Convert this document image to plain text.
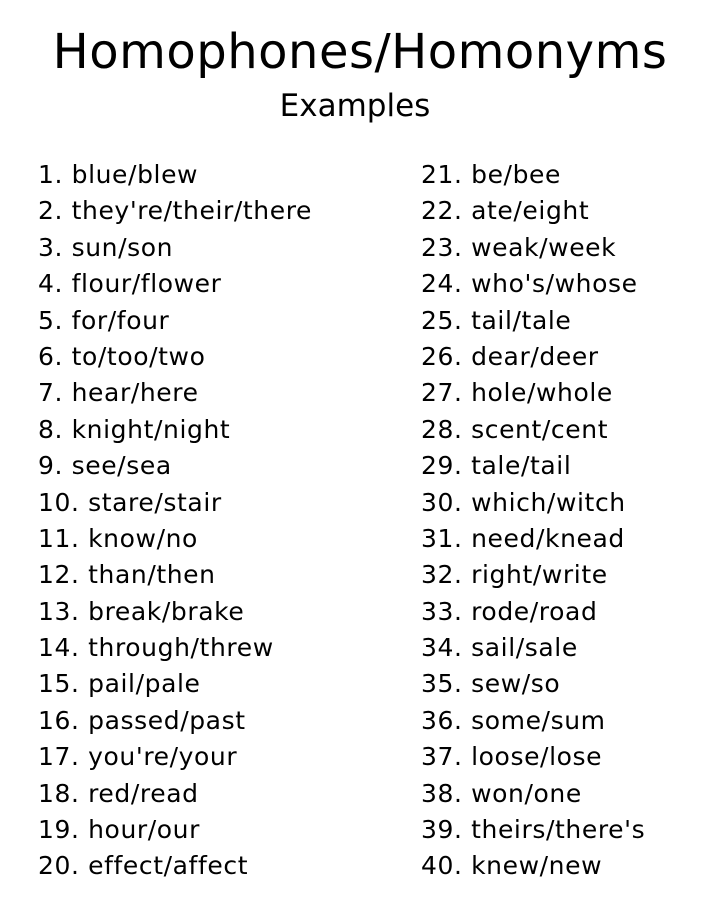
Homophones/Homonyms
Examples
1. blue/blew
2. they're/their/there
3. sun/son
4. flour/flower
5. for/four
6. to/too/two
7. hear/here
8. knight/night
9. see/sea
10. stare/stair
11. know/no
12. than/then
13. break/brake
14. through/threw
15. pail/pale
16. passed/past
17. you're/your
18. red/read
19. hour/our
20. effect/affect
21. be/bee
22. ate/eight
23. weak/week
24. who's/whose
25. tail/tale
26. dear/deer
27. hole/whole
28. scent/cent
29. tale/tail
30. which/witch
31. need/knead
32. right/write
33. rode/road
34. sail/sale
35. sew/so
36. some/sum
37. loose/lose
38. won/one
39. theirs/there's
40. knew/new
